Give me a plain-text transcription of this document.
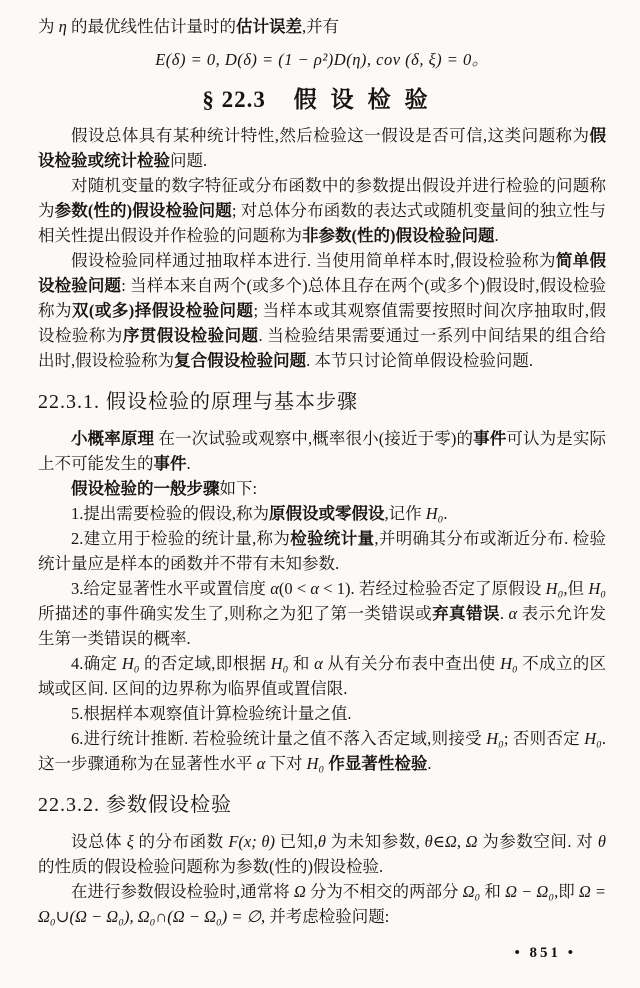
为 η 的最优线性估计量时的估计误差,并有

E(δ) = 0, D(δ) = (1 − ρ²)D(η), cov (δ, ξ) = 0。
§ 22.3 假设检验

假设总体具有某种统计特性,然后检验这一假设是否可信,这类问题称为假设检验或统计检验问题.

对随机变量的数字特征或分布函数中的参数提出假设并进行检验的问题称为参数(性的)假设检验问题; 对总体分布函数的表达式或随机变量间的独立性与相关性提出假设并作检验的问题称为非参数(性的)假设检验问题.

假设检验同样通过抽取样本进行. 当使用简单样本时,假设检验称为简单假设检验问题: 当样本来自两个(或多个)总体且存在两个(或多个)假设时,假设检验称为双(或多)择假设检验问题; 当样本或其观察值需要按照时间次序抽取时,假设检验称为序贯假设检验问题. 当检验结果需要通过一系列中间结果的组合给出时,假设检验称为复合假设检验问题. 本节只讨论简单假设检验问题.

22.3.1. 假设检验的原理与基本步骤

小概率原理 在一次试验或观察中,概率很小(接近于零)的事件可认为是实际上不可能发生的事件.

假设检验的一般步骤如下:

1.提出需要检验的假设,称为原假设或零假设,记作 H₀.

2.建立用于检验的统计量,称为检验统计量,并明确其分布或渐近分布. 检验统计量应是样本的函数并不带有未知参数.

3.给定显著性水平或置信度 α(0 < α < 1). 若经过检验否定了原假设 H₀,但 H₀ 所描述的事件确实发生了,则称之为犯了第一类错误或弃真错误. α 表示允许发生第一类错误的概率.

4.确定 H₀ 的否定域,即根据 H₀ 和 α 从有关分布表中查出使 H₀ 不成立的区域或区间. 区间的边界称为临界值或置信限.

5.根据样本观察值计算检验统计量之值.

6.进行统计推断. 若检验统计量之值不落入否定域,则接受 H₀; 否则否定 H₀. 这一步骤通称为在显著性水平 α 下对 H₀ 作显著性检验.

22.3.2. 参数假设检验

设总体 ξ 的分布函数 F(x; θ) 已知,θ 为未知参数, θ∈Ω, Ω 为参数空间. 对 θ 的性质的假设检验问题称为参数(性的)假设检验.

在进行参数假设检验时,通常将 Ω 分为不相交的两部分 Ω₀ 和 Ω − Ω₀,即 Ω = Ω₀∪(Ω − Ω₀), Ω₀∩(Ω − Ω₀) = ∅, 并考虑检验问题:

• 851 •
